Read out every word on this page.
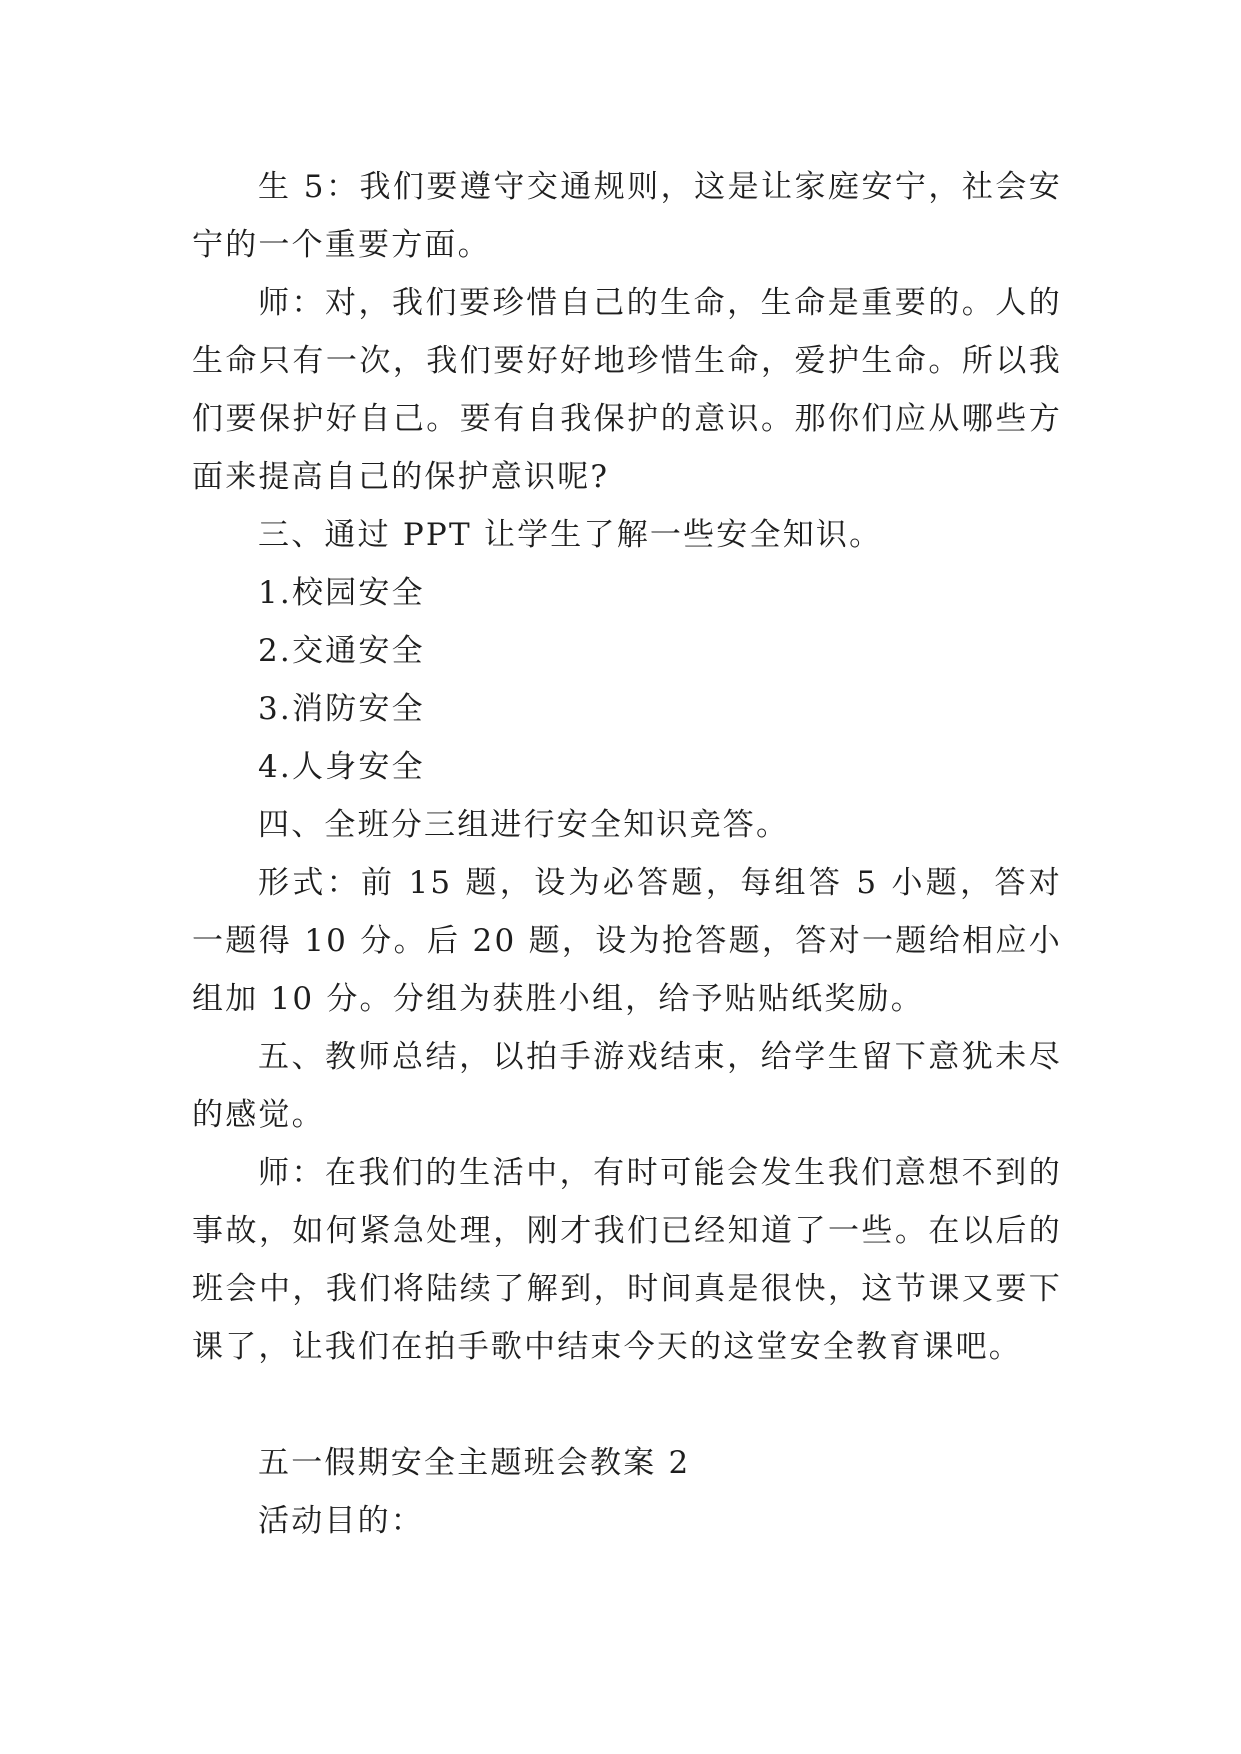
生 5：我们要遵守交通规则，这是让家庭安宁，社会安宁的一个重要方面。

师：对，我们要珍惜自己的生命，生命是重要的。人的生命只有一次，我们要好好地珍惜生命，爱护生命。所以我们要保护好自己。要有自我保护的意识。那你们应从哪些方面来提高自己的保护意识呢?

三、通过 PPT 让学生了解一些安全知识。

1.校园安全

2.交通安全

3.消防安全

4.人身安全

四、全班分三组进行安全知识竞答。

形式：前 15 题，设为必答题，每组答 5 小题，答对一题得 10 分。后 20 题，设为抢答题，答对一题给相应小组加 10 分。分组为获胜小组，给予贴贴纸奖励。

五、教师总结，以拍手游戏结束，给学生留下意犹未尽的感觉。

师：在我们的生活中，有时可能会发生我们意想不到的事故，如何紧急处理，刚才我们已经知道了一些。在以后的班会中，我们将陆续了解到，时间真是很快，这节课又要下课了，让我们在拍手歌中结束今天的这堂安全教育课吧。

五一假期安全主题班会教案 2

活动目的：
